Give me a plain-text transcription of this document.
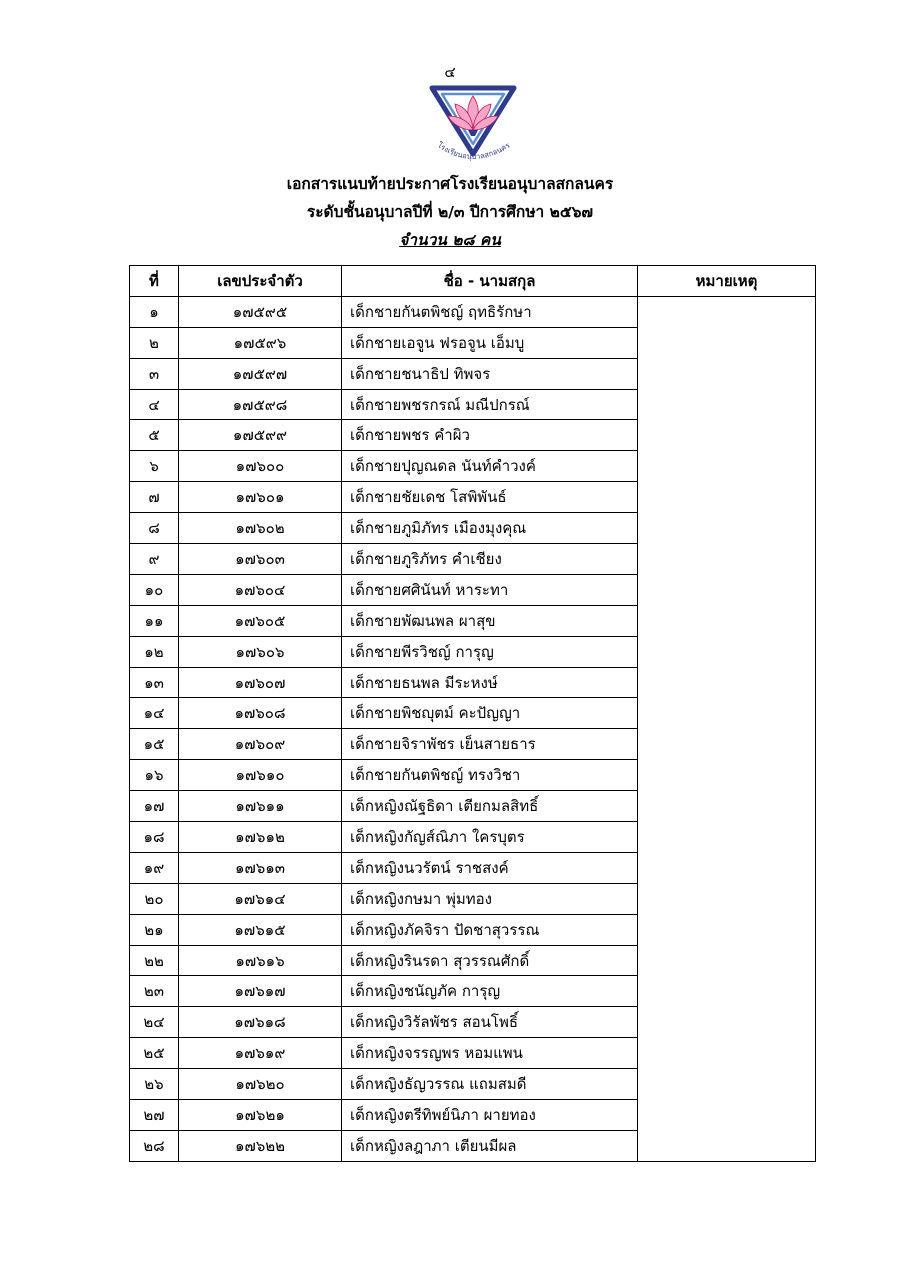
๔
โรงเรียนอนุบาลสกลนคร
เอกสารแนบท้ายประกาศโรงเรียนอนุบาลสกลนคร
ระดับชั้นอนุบาลปีที่ ๒/๓ ปีการศึกษา ๒๕๖๗
จำนวน ๒๘ คน
ที่	เลขประจำตัว	ชื่อ - นามสกุล	หมายเหตุ
๑	๑๗๕๙๕	เด็กชายกันตพิชญ์ ฤทธิรักษา	
๒	๑๗๕๙๖	เด็กชายเอจูน ฟรอจูน เอ็มบู	
๓	๑๗๕๙๗	เด็กชายชนาธิป ทิพจร	
๔	๑๗๕๙๘	เด็กชายพชรกรณ์ มณีปกรณ์	
๕	๑๗๕๙๙	เด็กชายพชร คำผิว	
๖	๑๗๖๐๐	เด็กชายปุญณดล นันท์คำวงค์	
๗	๑๗๖๐๑	เด็กชายชัยเดช โสพิพันธ์	
๘	๑๗๖๐๒	เด็กชายภูมิภัทร เมืองมุงคุณ	
๙	๑๗๖๐๓	เด็กชายภูริภัทร คำเชียง	
๑๐	๑๗๖๐๔	เด็กชายศศินันท์ หาระทา	
๑๑	๑๗๖๐๕	เด็กชายพัฒนพล ผาสุข	
๑๒	๑๗๖๐๖	เด็กชายพีรวิชญ์ การุญ	
๑๓	๑๗๖๐๗	เด็กชายธนพล มีระหงษ์	
๑๔	๑๗๖๐๘	เด็กชายพิชญุตม์ คะปัญญา	
๑๕	๑๗๖๐๙	เด็กชายจิราพัชร เย็นสายธาร	
๑๖	๑๗๖๑๐	เด็กชายกันตพิชญ์ ทรงวิชา	
๑๗	๑๗๖๑๑	เด็กหญิงณัฐธิดา เตียกมลสิทธิ์	
๑๘	๑๗๖๑๒	เด็กหญิงกัญส์ณิภา ใครบุตร	
๑๙	๑๗๖๑๓	เด็กหญิงนวรัตน์ ราชสงค์	
๒๐	๑๗๖๑๔	เด็กหญิงกษมา พุ่มทอง	
๒๑	๑๗๖๑๕	เด็กหญิงภัคจิรา ปัดชาสุวรรณ	
๒๒	๑๗๖๑๖	เด็กหญิงรินรดา สุวรรณศักดิ์	
๒๓	๑๗๖๑๗	เด็กหญิงชนัญภัค การุญ	
๒๔	๑๗๖๑๘	เด็กหญิงวิรัลพัชร สอนโพธิ์	
๒๕	๑๗๖๑๙	เด็กหญิงจรรญพร หอมแพน	
๒๖	๑๗๖๒๐	เด็กหญิงธัญวรรณ แถมสมดี	
๒๗	๑๗๖๒๑	เด็กหญิงตรีทิพย์นิภา ผายทอง	
๒๘	๑๗๖๒๒	เด็กหญิงลฎาภา เตียนมีผล	
